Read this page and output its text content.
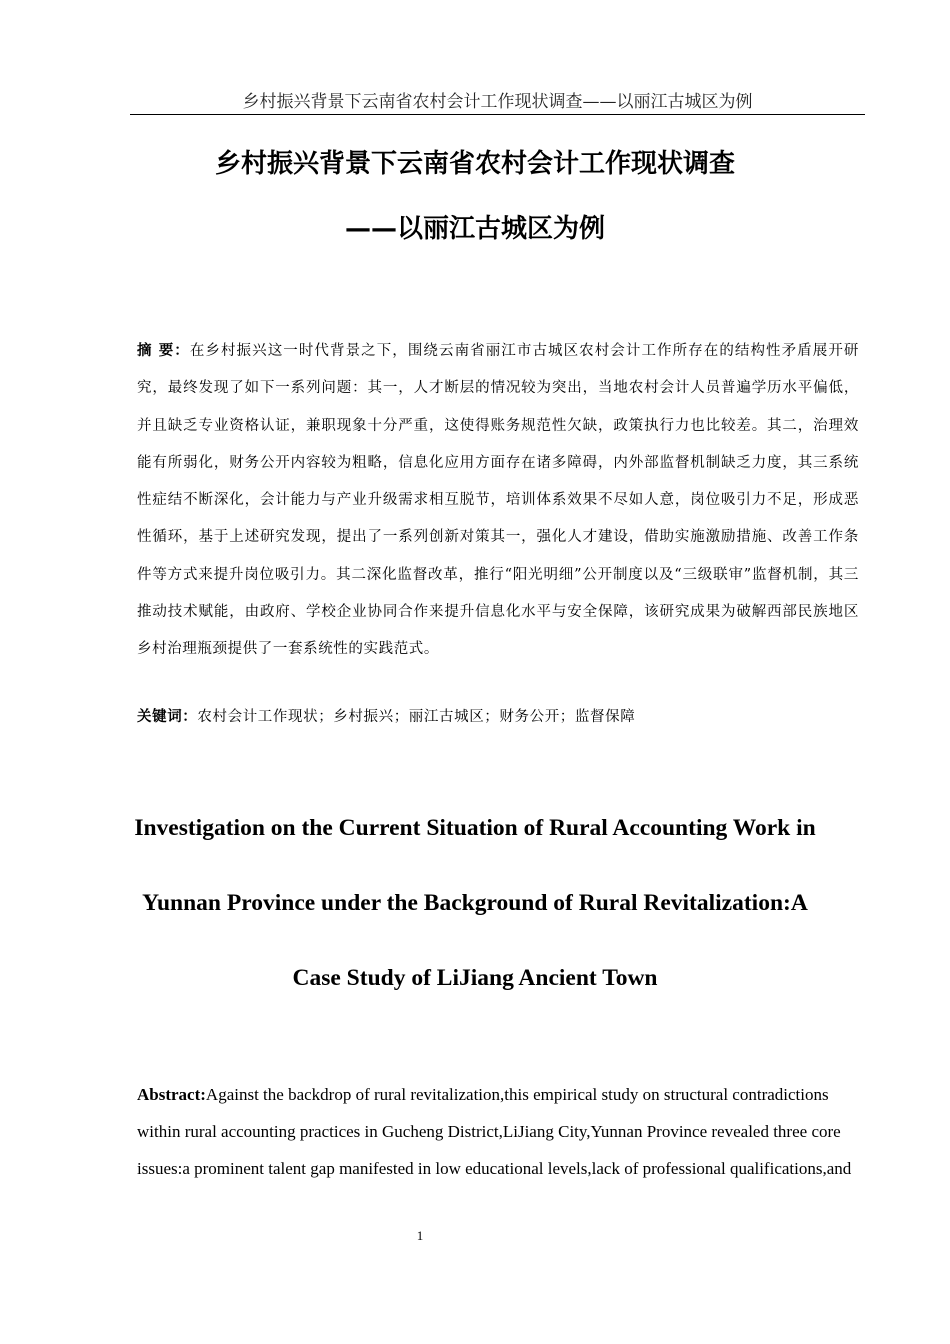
乡村振兴背景下云南省农村会计工作现状调查——以丽江古城区为例
乡村振兴背景下云南省农村会计工作现状调查
——以丽江古城区为例
摘 要：在乡村振兴这一时代背景之下，围绕云南省丽江市古城区农村会计工作所存在的结构性矛盾展开研究，最终发现了如下一系列问题：其一，人才断层的情况较为突出，当地农村会计人员普遍学历水平偏低，并且缺乏专业资格认证，兼职现象十分严重，这使得账务规范性欠缺，政策执行力也比较差。其二，治理效能有所弱化，财务公开内容较为粗略，信息化应用方面存在诸多障碍，内外部监督机制缺乏力度，其三系统性症结不断深化，会计能力与产业升级需求相互脱节，培训体系效果不尽如人意，岗位吸引力不足，形成恶性循环，基于上述研究发现，提出了一系列创新对策其一，强化人才建设，借助实施激励措施、改善工作条件等方式来提升岗位吸引力。其二深化监督改革，推行“阳光明细”公开制度以及“三级联审”监督机制，其三推动技术赋能，由政府、学校企业协同合作来提升信息化水平与安全保障，该研究成果为破解西部民族地区乡村治理瓶颈提供了一套系统性的实践范式。
关键词：农村会计工作现状；乡村振兴；丽江古城区；财务公开；监督保障
Investigation on the Current Situation of Rural Accounting Work in
Yunnan Province under the Background of Rural Revitalization:A
Case Study of LiJiang Ancient Town
Abstract:Against the backdrop of rural revitalization,this empirical study on structural contradictions within rural accounting practices in Gucheng District,LiJiang City,Yunnan Province revealed three core issues:a prominent talent gap manifested in low educational levels,lack of professional qualifications,and
1
